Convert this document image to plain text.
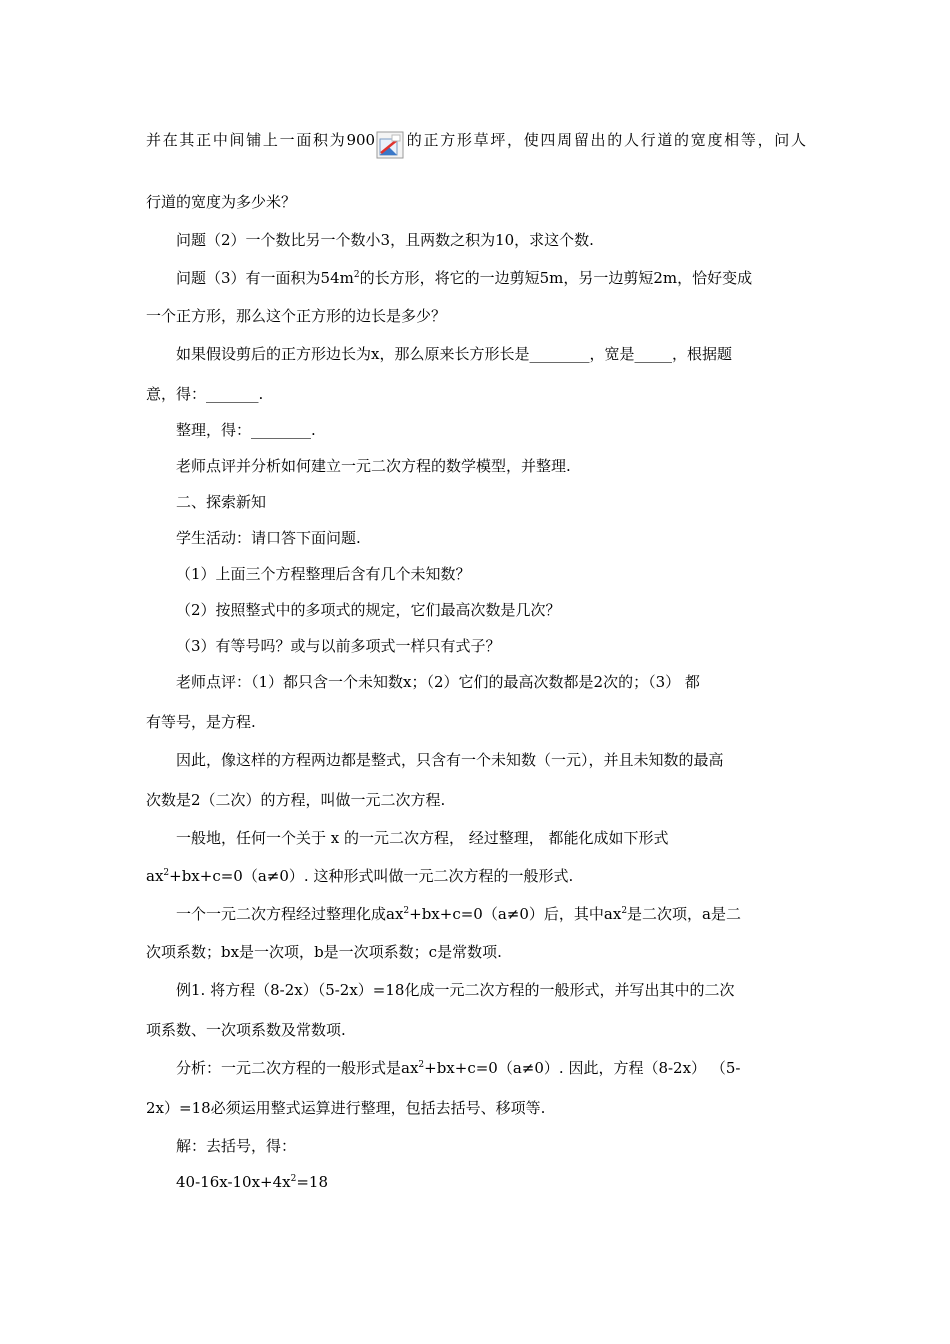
并在其正中间铺上一面积为900 的正方形草坪，使四周留出的人行道的宽度相等，问人

行道的宽度为多少米？

问题（2）一个数比另一个数小3，且两数之积为10，求这个数.

问题（3）有一面积为$54m^2$的长方形，将它的一边剪短5m，另一边剪短2m，恰好变成

一个正方形，那么这个正方形的边长是多少？

如果假设剪后的正方形边长为x，那么原来长方形长是________，宽是_____，根据题

意，得：_______.

整理，得：________.

老师点评并分析如何建立一元二次方程的数学模型，并整理.

二、探索新知

学生活动：请口答下面问题.

（1）上面三个方程整理后含有几个未知数？

（2）按照整式中的多项式的规定，它们最高次数是几次？

（3）有等号吗？或与以前多项式一样只有式子？

老师点评：（1）都只含一个未知数x；（2）它们的最高次数都是2次的；（3） 都

有等号，是方程.

因此，像这样的方程两边都是整式，只含有一个未知数（一元），并且未知数的最高

次数是2（二次）的方程，叫做一元二次方程.

一般地，任何一个关于 x 的一元二次方程， 经过整理， 都能化成如下形式

$ax^2+bx+c=0(a\ne 0)$. 这种形式叫做一元二次方程的一般形式.

一个一元二次方程经过整理化成$ax^2+bx+c=0(a\ne 0)$后，其中$ax^2$是二次项，a是二

次项系数；bx是一次项，b是一次项系数；c是常数项.

例1. 将方程（8-2x）（5-2x）=18化成一元二次方程的一般形式，并写出其中的二次

项系数、一次项系数及常数项.

分析：一元二次方程的一般形式是$ax^2+bx+c=0(a\ne 0)$. 因此，方程（8-2x） （5-

2x）=18必须运用整式运算进行整理，包括去括号、移项等.

解：去括号，得：

$40-16x-10x+4x^2=18$
